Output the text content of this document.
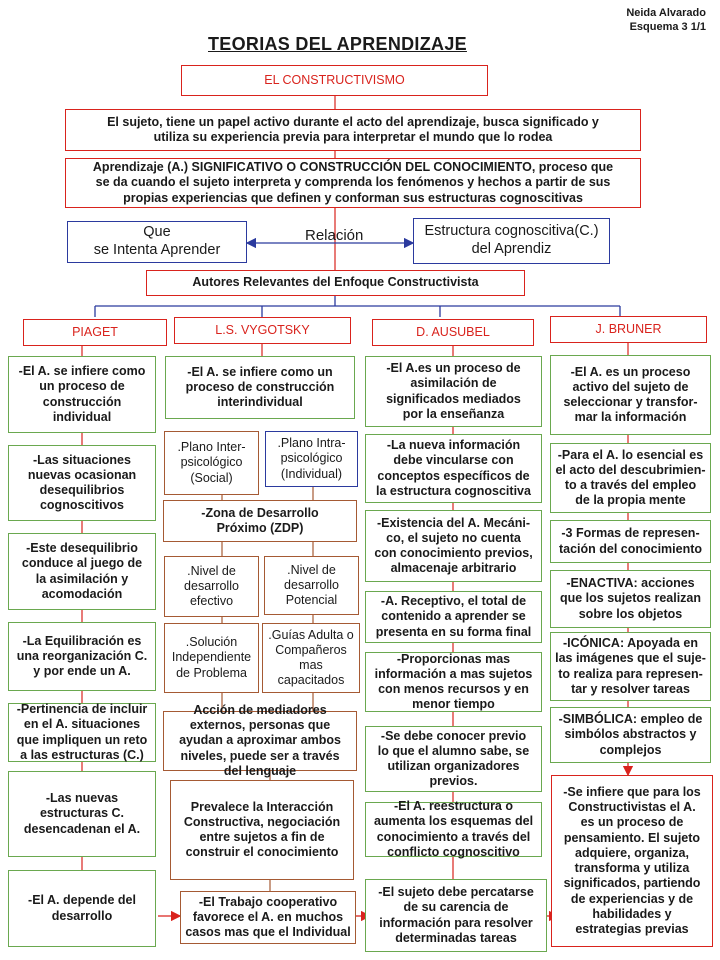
Neida Alvarado
Esquema 3 1/1
TEORIAS DEL APRENDIZAJE
EL CONSTRUCTIVISMO
El sujeto, tiene un papel activo durante el acto del aprendizaje, busca significado y
utiliza su experiencia previa para interpretar el mundo que lo rodea
Aprendizaje (A.) SIGNIFICATIVO O CONSTRUCCIÓN DEL CONOCIMIENTO, proceso que
se da cuando el sujeto interpreta y comprenda los fenómenos y hechos a partir de sus
propias experiencias que definen y conforman sus estructuras cognoscitivas
Que
se Intenta Aprender
Relación	Estructura cognoscitiva(C.)
del Aprendiz
Autores Relevantes del Enfoque Constructivista
PIAGET	L.S. VYGOTSKY	D. AUSUBEL	J. BRUNER
-El A. se infiere como
un proceso de
construcción
individual
-Las situaciones
nuevas ocasionan
desequilibrios
cognoscitivos
-Este desequilibrio
conduce al juego de
la asimilación y
acomodación
-La Equilibración es
una reorganización C.
y por ende un A.
-Pertinencia de incluir
en el A. situaciones
que impliquen un reto
a las estructuras (C.)
-Las nuevas
estructuras C.
desencadenan el A.
-El A. depende del
desarrollo
-El A. se infiere como un
proceso de construcción
interindividual
.Plano Inter-
psicológico
(Social)
.Plano Intra-
psicológico
(Individual)
-Zona de Desarrollo
Próximo (ZDP)
.Nivel de
desarrollo
efectivo
.Nivel de
desarrollo
Potencial
.Solución
Independiente
de Problema
.Guías Adulta o
Compañeros
mas
capacitados
Acción de mediadores
externos, personas que
ayudan a aproximar ambos
niveles, puede ser a través
del lenguaje
Prevalece la Interacción
Constructiva, negociación
entre sujetos a fin de
construir el conocimiento
-El Trabajo cooperativo
favorece el A. en muchos
casos mas que el Individual
-El A.es un proceso de
asimilación de
significados mediados
por la enseñanza
-La nueva información
debe vincularse con
conceptos específicos de
la estructura cognoscitiva
-Existencia del A. Mecáni-
co, el sujeto no cuenta
con conocimiento previos,
almacenaje arbitrario
-A. Receptivo, el total de
contenido a aprender se
presenta en su forma final
-Proporcionas mas
información a mas sujetos
con menos recursos y en
menor tiempo
-Se debe conocer previo
lo que el alumno sabe, se
utilizan organizadores
previos.
-El A. reestructura o
aumenta los esquemas del
conocimiento a través del
conflicto cognoscitivo
-El sujeto debe percatarse
de su carencia de
información para resolver
determinadas tareas
-El A. es un proceso
activo del sujeto de
seleccionar y transfor-
mar la información
-Para el A. lo esencial es
el acto del descubrimien-
to a través del empleo
de la propia mente
-3 Formas de represen-
tación del conocimiento
-ENACTIVA: acciones
que los sujetos realizan
sobre los objetos
-ICÓNICA: Apoyada en
las imágenes que el suje-
to realiza para represen-
tar y resolver tareas
-SIMBÓLICA: empleo de
simbólos abstractos y
complejos
-Se infiere que para los
Constructivistas el A.
es un proceso de
pensamiento. El sujeto
adquiere, organiza,
transforma y utiliza
significados, partiendo
de experiencias y de
habilidades y
estrategias previas
